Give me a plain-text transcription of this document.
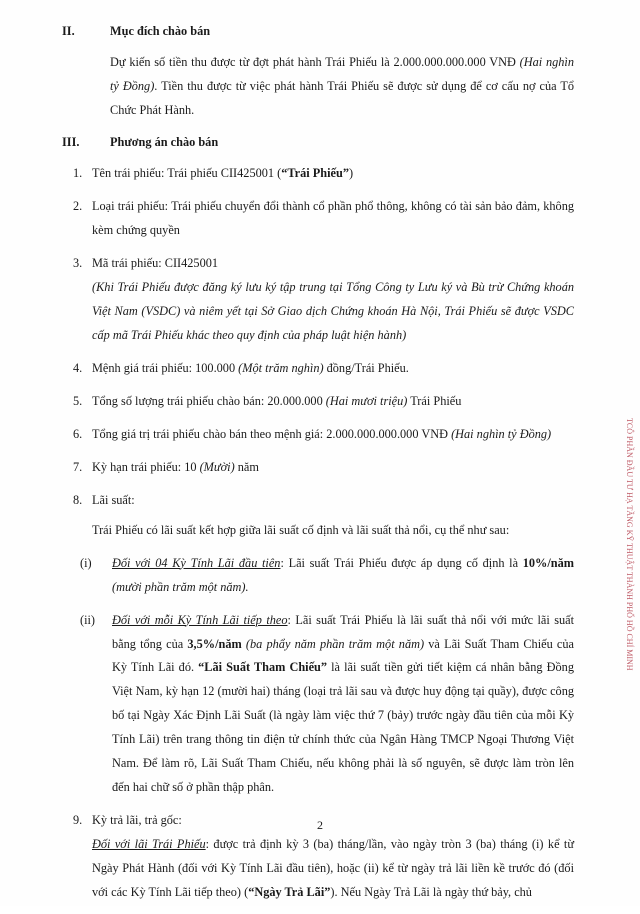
II.	Mục đích chào bán
Dự kiến số tiền thu được từ đợt phát hành Trái Phiếu là 2.000.000.000.000 VNĐ (Hai nghìn tỷ Đồng). Tiền thu được từ việc phát hành Trái Phiếu sẽ được sử dụng để cơ cấu nợ của Tổ Chức Phát Hành.
III.	Phương án chào bán
1. Tên trái phiếu: Trái phiếu CII425001 (“Trái Phiếu”)
2. Loại trái phiếu: Trái phiếu chuyển đổi thành cổ phần phổ thông, không có tài sản bảo đảm, không kèm chứng quyền
3. Mã trái phiếu: CII425001
(Khi Trái Phiếu được đăng ký lưu ký tập trung tại Tổng Công ty Lưu ký và Bù trừ Chứng khoán Việt Nam (VSDC) và niêm yết tại Sở Giao dịch Chứng khoán Hà Nội, Trái Phiếu sẽ được VSDC cấp mã Trái Phiếu khác theo quy định của pháp luật hiện hành)
4. Mệnh giá trái phiếu: 100.000 (Một trăm nghìn) đồng/Trái Phiếu.
5. Tổng số lượng trái phiếu chào bán: 20.000.000 (Hai mươi triệu) Trái Phiếu
6. Tổng giá trị trái phiếu chào bán theo mệnh giá: 2.000.000.000.000 VNĐ (Hai nghìn tỷ Đồng)
7. Kỳ hạn trái phiếu: 10 (Mười) năm
8. Lãi suất:
Trái Phiếu có lãi suất kết hợp giữa lãi suất cố định và lãi suất thả nổi, cụ thể như sau:
(i)	Đối với 04 Kỳ Tính Lãi đầu tiên: Lãi suất Trái Phiếu được áp dụng cố định là 10%/năm (mười phần trăm một năm).
(ii)	Đối với mỗi Kỳ Tính Lãi tiếp theo: Lãi suất Trái Phiếu là lãi suất thả nổi với mức lãi suất bằng tổng của 3,5%/năm (ba phẩy năm phần trăm một năm) và Lãi Suất Tham Chiếu của Kỳ Tính Lãi đó. “Lãi Suất Tham Chiếu” là lãi suất tiền gửi tiết kiệm cá nhân bằng Đồng Việt Nam, kỳ hạn 12 (mười hai) tháng (loại trả lãi sau và được huy động tại quầy), được công bố tại Ngày Xác Định Lãi Suất (là ngày làm việc thứ 7 (bảy) trước ngày đầu tiên của mỗi Kỳ Tính Lãi) trên trang thông tin điện tử chính thức của Ngân Hàng TMCP Ngoại Thương Việt Nam. Để làm rõ, Lãi Suất Tham Chiếu, nếu không phải là số nguyên, sẽ được làm tròn lên đến hai chữ số ở phần thập phân.
9. Kỳ trả lãi, trả gốc:
Đối với lãi Trái Phiếu: được trả định kỳ 3 (ba) tháng/lần, vào ngày tròn 3 (ba) tháng (i) kể từ Ngày Phát Hành (đối với Kỳ Tính Lãi đầu tiên), hoặc (ii) kể từ ngày trả lãi liền kề trước đó (đối với các Kỳ Tính Lãi tiếp theo) (“Ngày Trả Lãi”). Nếu Ngày Trả Lãi là ngày thứ bảy, chủ
TCÔ PHẦN ĐẦU TƯ HẠ TẦNG KỸ THUẬT THÀNH PHỐ HỒ CHÍ MINH
2
